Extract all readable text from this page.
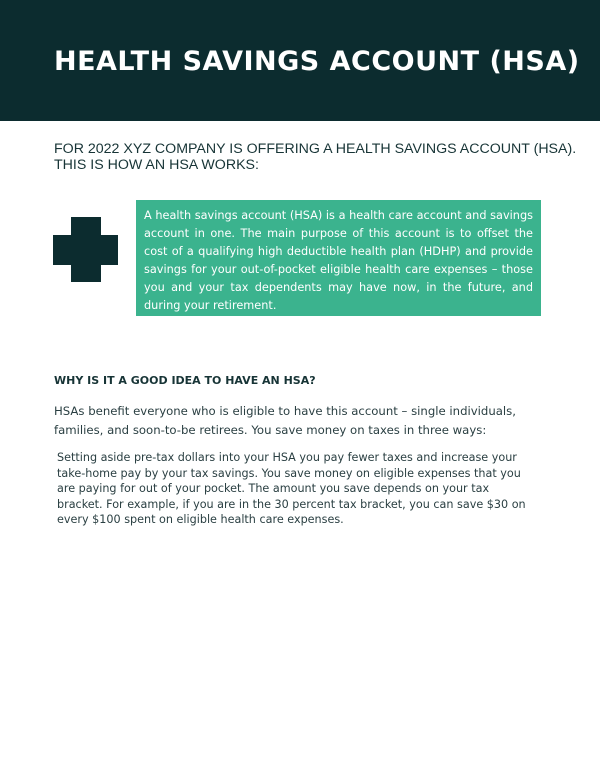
HEALTH SAVINGS ACCOUNT (HSA)
FOR 2022 XYZ COMPANY IS OFFERING A HEALTH SAVINGS ACCOUNT (HSA).
THIS IS HOW AN HSA WORKS:

A health savings account (HSA) is a health care account and savings account in one. The main purpose of this account is to offset the cost of a qualifying high deductible health plan (HDHP) and provide savings for your out-of-pocket eligible health care expenses – those you and your tax dependents may have now, in the future, and during your retirement.

WHY IS IT A GOOD IDEA TO HAVE AN HSA?
HSAs benefit everyone who is eligible to have this account – single individuals, families, and soon-to-be retirees. You save money on taxes in three ways:
Setting aside pre-tax dollars into your HSA you pay fewer taxes and increase your take-home pay by your tax savings. You save money on eligible expenses that you are paying for out of your pocket. The amount you save depends on your tax bracket. For example, if you are in the 30 percent tax bracket, you can save $30 on every $100 spent on eligible health care expenses.
